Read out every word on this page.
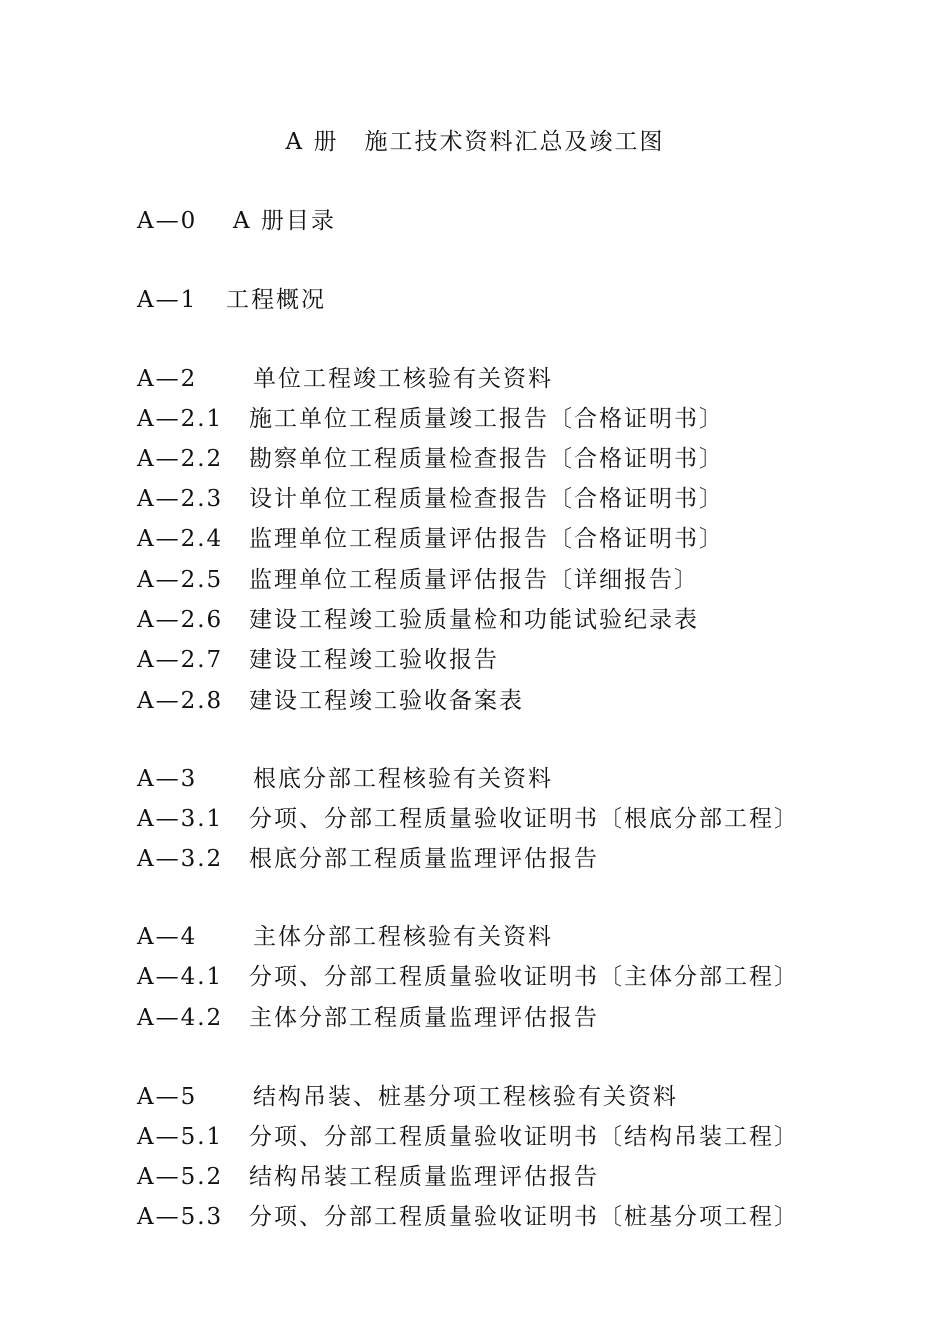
A 册 施工技术资料汇总及竣工图
A—0 A 册目录
A—1 工程概况
A—2 单位工程竣工核验有关资料
A—2.1 施工单位工程质量竣工报告〔合格证明书〕
A—2.2 勘察单位工程质量检查报告〔合格证明书〕
A—2.3 设计单位工程质量检查报告〔合格证明书〕
A—2.4 监理单位工程质量评估报告〔合格证明书〕
A—2.5 监理单位工程质量评估报告〔详细报告〕
A—2.6 建设工程竣工验质量检和功能试验纪录表
A—2.7 建设工程竣工验收报告
A—2.8 建设工程竣工验收备案表
A—3 根底分部工程核验有关资料
A—3.1 分项、分部工程质量验收证明书〔根底分部工程〕
A—3.2 根底分部工程质量监理评估报告
A—4 主体分部工程核验有关资料
A—4.1 分项、分部工程质量验收证明书〔主体分部工程〕
A—4.2 主体分部工程质量监理评估报告
A—5 结构吊装、桩基分项工程核验有关资料
A—5.1 分项、分部工程质量验收证明书〔结构吊装工程〕
A—5.2 结构吊装工程质量监理评估报告
A—5.3 分项、分部工程质量验收证明书〔桩基分项工程〕
